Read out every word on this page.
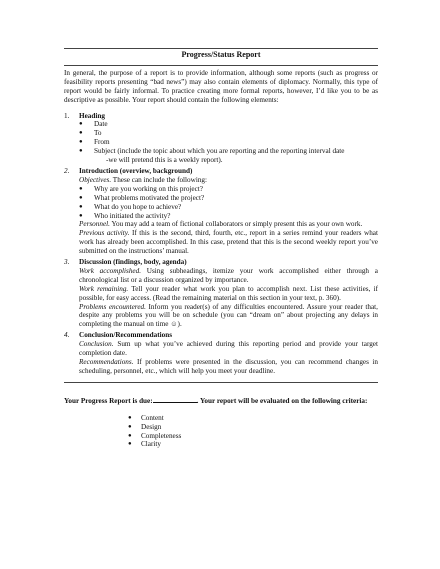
Progress/Status Report

In general, the purpose of a report is to provide information, although some reports (such as progress or feasibility reports presenting “bad news”) may also contain elements of diplomacy. Normally, this type of report would be fairly informal. To practice creating more formal reports, however, I’d like you to be as descriptive as possible. Your report should contain the following elements:

1.	Heading
● Date
● To
● From
● Subject (include the topic about which you are reporting and the reporting interval date
-we will pretend this is a weekly report).
2.	Introduction (overview, background)

Objectives. These can include the following:

● Why are you working on this project?
● What problems motivated the project?
● What do you hope to achieve?
● Who initiated the activity?

Personnel. You may add a team of fictional collaborators or simply present this as your own work.

Previous activity. If this is the second, third, fourth, etc., report in a series remind your readers what work has already been accomplished. In this case, pretend that this is the second weekly report you’ve submitted on the instructions’ manual.

3.	Discussion (findings, body, agenda)

Work accomplished. Using subheadings, itemize your work accomplished either through a chronological list or a discussion organized by importance.

Work remaining. Tell your reader what work you plan to accomplish next. List these activities, if possible, for easy access. (Read the remaining material on this section in your text, p. 360).

Problems encountered. Inform you reader(s) of any difficulties encountered. Assure your reader that, despite any problems you will be on schedule (you can “dream on” about projecting any delays in completing the manual on time ☺).

4.	Conclusion/Recommendations

Conclusion. Sum up what you’ve achieved during this reporting period and provide your target completion date.

Recommendations. If problems were presented in the discussion, you can recommend changes in scheduling, personnel, etc., which will help you meet your deadline.

Your Progress Report is due:	. Your report will be evaluated on the following criteria:

● Content
● Design
● Completeness
● Clarity
